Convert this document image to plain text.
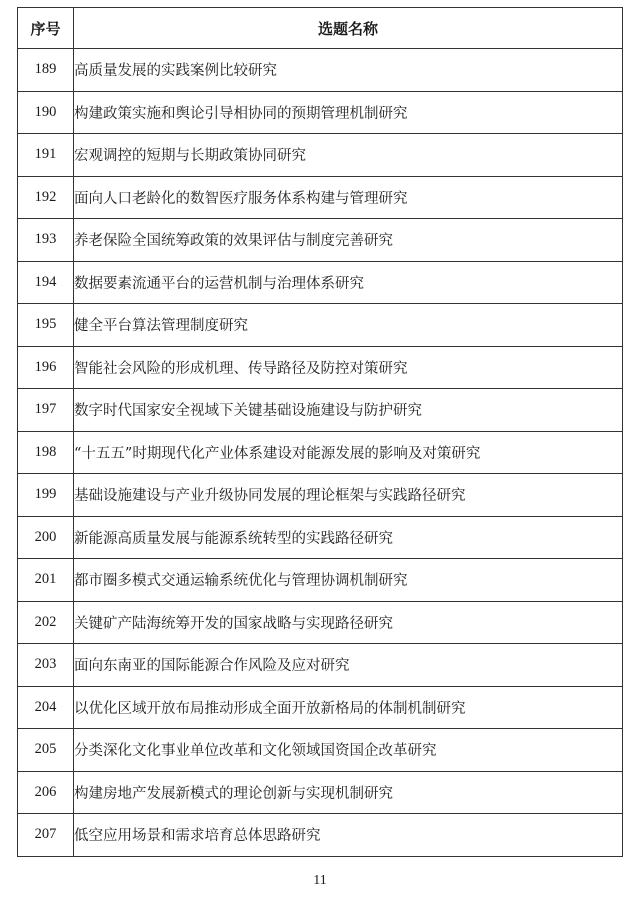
序号	选题名称
189	高质量发展的实践案例比较研究
190	构建政策实施和舆论引导相协同的预期管理机制研究
191	宏观调控的短期与长期政策协同研究
192	面向人口老龄化的数智医疗服务体系构建与管理研究
193	养老保险全国统筹政策的效果评估与制度完善研究
194	数据要素流通平台的运营机制与治理体系研究
195	健全平台算法管理制度研究
196	智能社会风险的形成机理、传导路径及防控对策研究
197	数字时代国家安全视域下关键基础设施建设与防护研究
198	“十五五”时期现代化产业体系建设对能源发展的影响及对策研究
199	基础设施建设与产业升级协同发展的理论框架与实践路径研究
200	新能源高质量发展与能源系统转型的实践路径研究
201	都市圈多模式交通运输系统优化与管理协调机制研究
202	关键矿产陆海统筹开发的国家战略与实现路径研究
203	面向东南亚的国际能源合作风险及应对研究
204	以优化区域开放布局推动形成全面开放新格局的体制机制研究
205	分类深化文化事业单位改革和文化领域国资国企改革研究
206	构建房地产发展新模式的理论创新与实现机制研究
207	低空应用场景和需求培育总体思路研究
11
